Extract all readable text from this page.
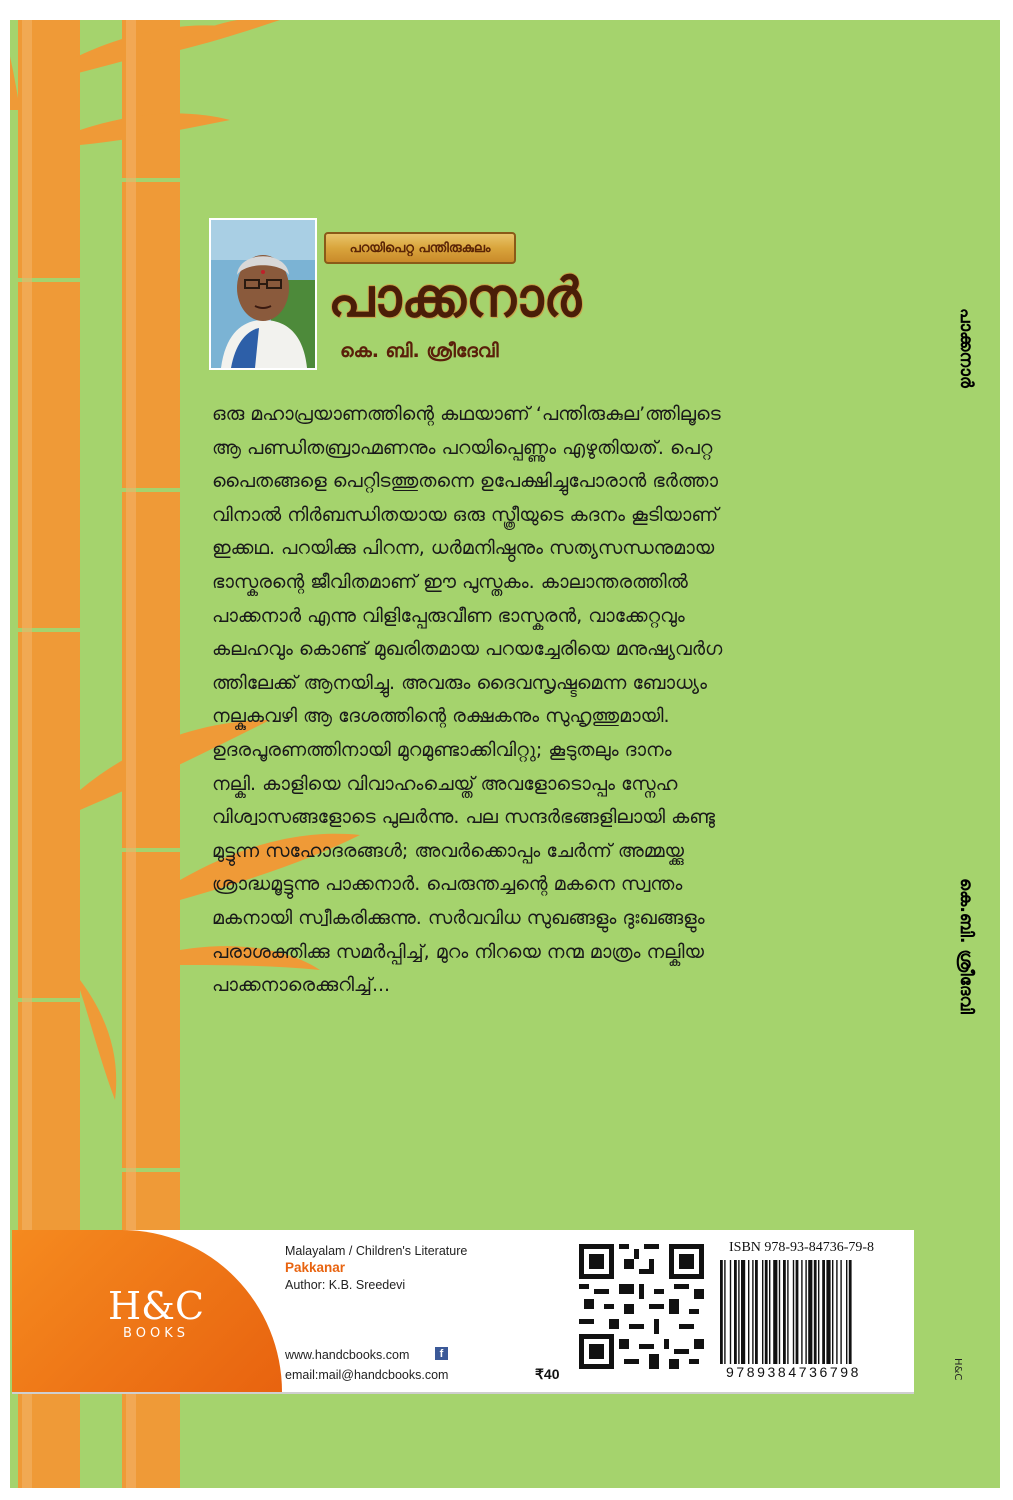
പറയിപെറ്റ പന്തിരുകുലം
പാക്കനാർ
കെ. ബി. ശ്രീദേവി

ഒരു മഹാപ്രയാണത്തിന്റെ കഥയാണ് ‘പന്തിരുകുല’ത്തിലൂടെ
ആ പണ്ഡിതബ്രാഹ്മണനും പറയിപ്പെണ്ണും എഴുതിയത്. പെറ്റ
പൈതങ്ങളെ പെറ്റിടത്തുതന്നെ ഉപേക്ഷിച്ചുപോരാൻ ഭർത്താ
വിനാൽ നിർബന്ധിതയായ ഒരു സ്ത്രീയുടെ കദനം കൂടിയാണ്
ഇക്കഥ. പറയിക്കു പിറന്ന, ധർമനിഷ്ഠനും സത്യസന്ധനുമായ
ഭാസ്കരന്റെ ജീവിതമാണ് ഈ പുസ്തകം. കാലാന്തരത്തിൽ
പാക്കനാർ എന്നു വിളിപ്പേരുവീണ ഭാസ്കരൻ, വാക്കേറ്റവും
കലഹവും കൊണ്ട് മുഖരിതമായ പറയച്ചേരിയെ മനുഷ്യവർഗ
ത്തിലേക്ക് ആനയിച്ചു. അവരും ദൈവസൃഷ്ടമെന്ന ബോധ്യം
നല്കുകവഴി ആ ദേശത്തിന്റെ രക്ഷകനും സുഹൃത്തുമായി.
ഉദരപൂരണത്തിനായി മുറമുണ്ടാക്കിവിറ്റു; കൂടുതലും ദാനം
നല്കി. കാളിയെ വിവാഹംചെയ്ത് അവളോടൊപ്പം സ്നേഹ
വിശ്വാസങ്ങളോടെ പുലർന്നു. പല സന്ദർഭങ്ങളിലായി കണ്ടു
മുട്ടുന്ന സഹോദരങ്ങൾ; അവർക്കൊപ്പം ചേർന്ന് അമ്മയ്ക്കു
ശ്രാദ്ധമൂട്ടുന്നു പാക്കനാർ. പെരുന്തച്ചന്റെ മകനെ സ്വന്തം
മകനായി സ്വീകരിക്കുന്നു. സർവവിധ സുഖങ്ങളും ദുഃഖങ്ങളും
പരാശക്തിക്കു സമർപ്പിച്ച്, മുറം നിറയെ നന്മ മാത്രം നല്കിയ
പാക്കനാരെക്കുറിച്ച്...

പാക്കനാർ
കെ.ബി. ശ്രീദേവി
H&C
H&C
BOOKS
Malayalam / Children's Literature
Pakkanar
Author: K.B. Sreedevi
www.handcbooks.com	f
email:mail@handcbooks.com	₹40
ISBN 978-93-84736-79-8
9789384736798
